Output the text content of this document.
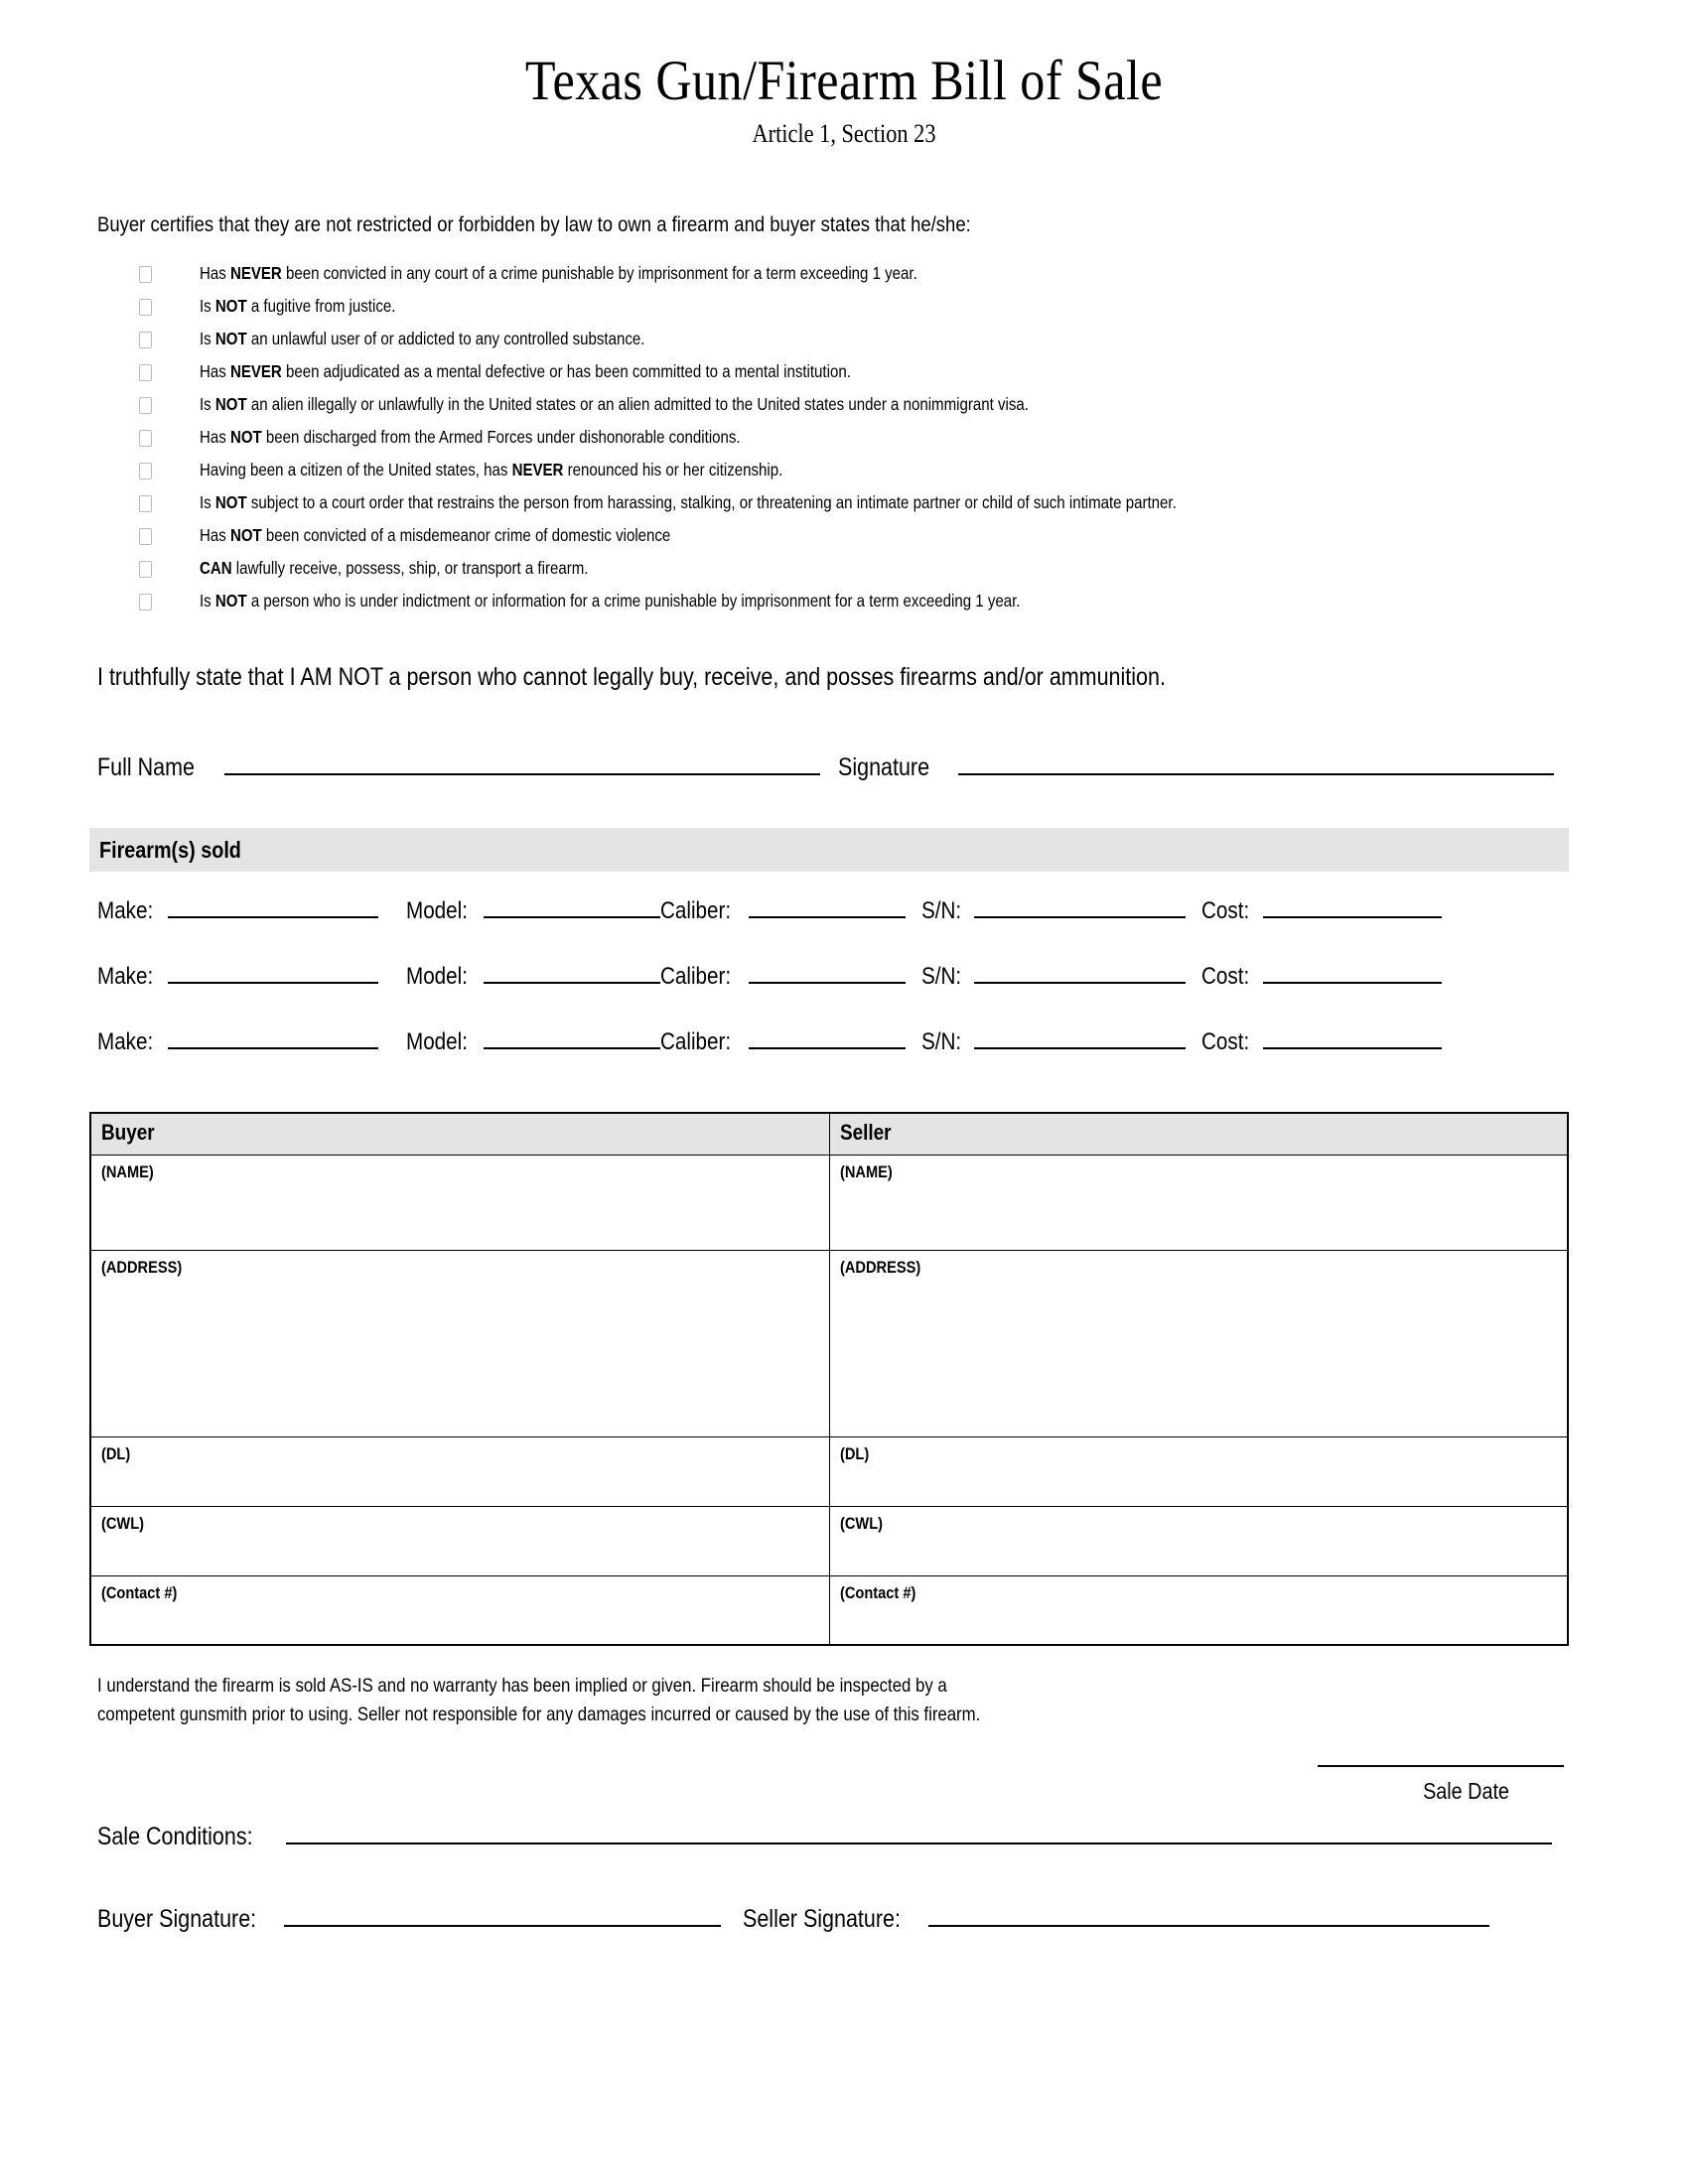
Texas Gun/Firearm Bill of Sale
Article 1, Section 23
Buyer certifies that they are not restricted or forbidden by law to own a firearm and buyer states that he/she:
Has NEVER been convicted in any court of a crime punishable by imprisonment for a term exceeding 1 year.
Is NOT a fugitive from justice.
Is NOT an unlawful user of or addicted to any controlled substance.
Has NEVER been adjudicated as a mental defective or has been committed to a mental institution.
Is NOT an alien illegally or unlawfully in the United states or an alien admitted to the United states under a nonimmigrant visa.
Has NOT been discharged from the Armed Forces under dishonorable conditions.
Having been a citizen of the United states, has NEVER renounced his or her citizenship.
Is NOT subject to a court order that restrains the person from harassing, stalking, or threatening an intimate partner or child of such intimate partner.
Has NOT been convicted of a misdemeanor crime of domestic violence
CAN lawfully receive, possess, ship, or transport a firearm.
Is NOT a person who is under indictment or information for a crime punishable by imprisonment for a term exceeding 1 year.
I truthfully state that I AM NOT a person who cannot legally buy, receive, and posses firearms and/or ammunition.
Full Name	Signature
Firearm(s) sold
Make:	Model:	Caliber:	S/N:	Cost:
Make:	Model:	Caliber:	S/N:	Cost:
Make:	Model:	Caliber:	S/N:	Cost:
Buyer	Seller
(NAME)	(NAME)
(ADDRESS)	(ADDRESS)
(DL)	(DL)
(CWL)	(CWL)
(Contact #)	(Contact #)
I understand the firearm is sold AS-IS and no warranty has been implied or given. Firearm should be inspected by a
competent gunsmith prior to using. Seller not responsible for any damages incurred or caused by the use of this firearm.
Sale Date
Sale Conditions:
Buyer Signature:	Seller Signature:
